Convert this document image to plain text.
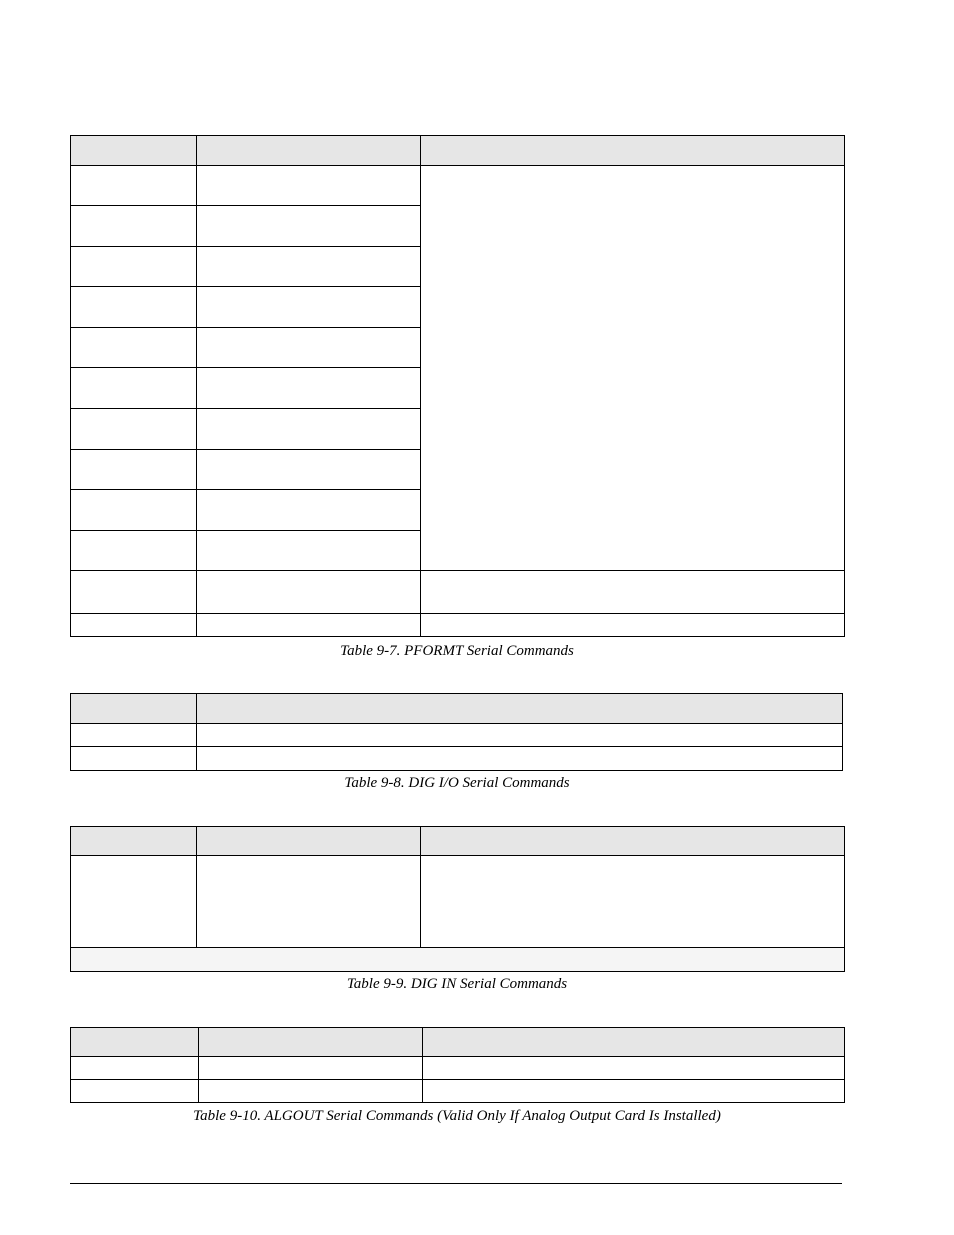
Table 9-7. PFORMT Serial Commands

Table 9-8. DIG I/O Serial Commands

Table 9-9. DIG IN Serial Commands

Table 9-10. ALGOUT Serial Commands (Valid Only If Analog Output Card Is Installed)
